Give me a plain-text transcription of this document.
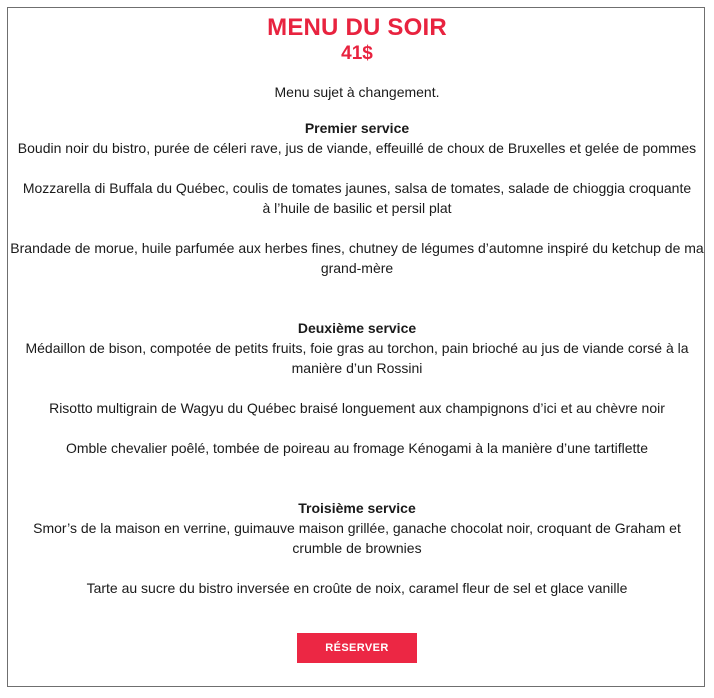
MENU DU SOIR
41$
Menu sujet à changement.
Premier service
Boudin noir du bistro, purée de céleri rave, jus de viande, effeuillé de choux de Bruxelles et gelée de pommes
Mozzarella di Buffala du Québec, coulis de tomates jaunes, salsa de tomates, salade de chioggia croquante à l’huile de basilic et persil plat
Brandade de morue, huile parfumée aux herbes fines, chutney de légumes d’automne inspiré du ketchup de ma grand-mère
Deuxième service
Médaillon de bison, compotée de petits fruits, foie gras au torchon, pain brioché au jus de viande corsé à la manière d’un Rossini
Risotto multigrain de Wagyu du Québec braisé longuement aux champignons d’ici et au chèvre noir
Omble chevalier poêlé, tombée de poireau au fromage Kénogami à la manière d’une tartiflette
Troisième service
Smor’s de la maison en verrine, guimauve maison grillée, ganache chocolat noir, croquant de Graham et crumble de brownies
Tarte au sucre du bistro inversée en croûte de noix, caramel fleur de sel et glace vanille
RÉSERVER
